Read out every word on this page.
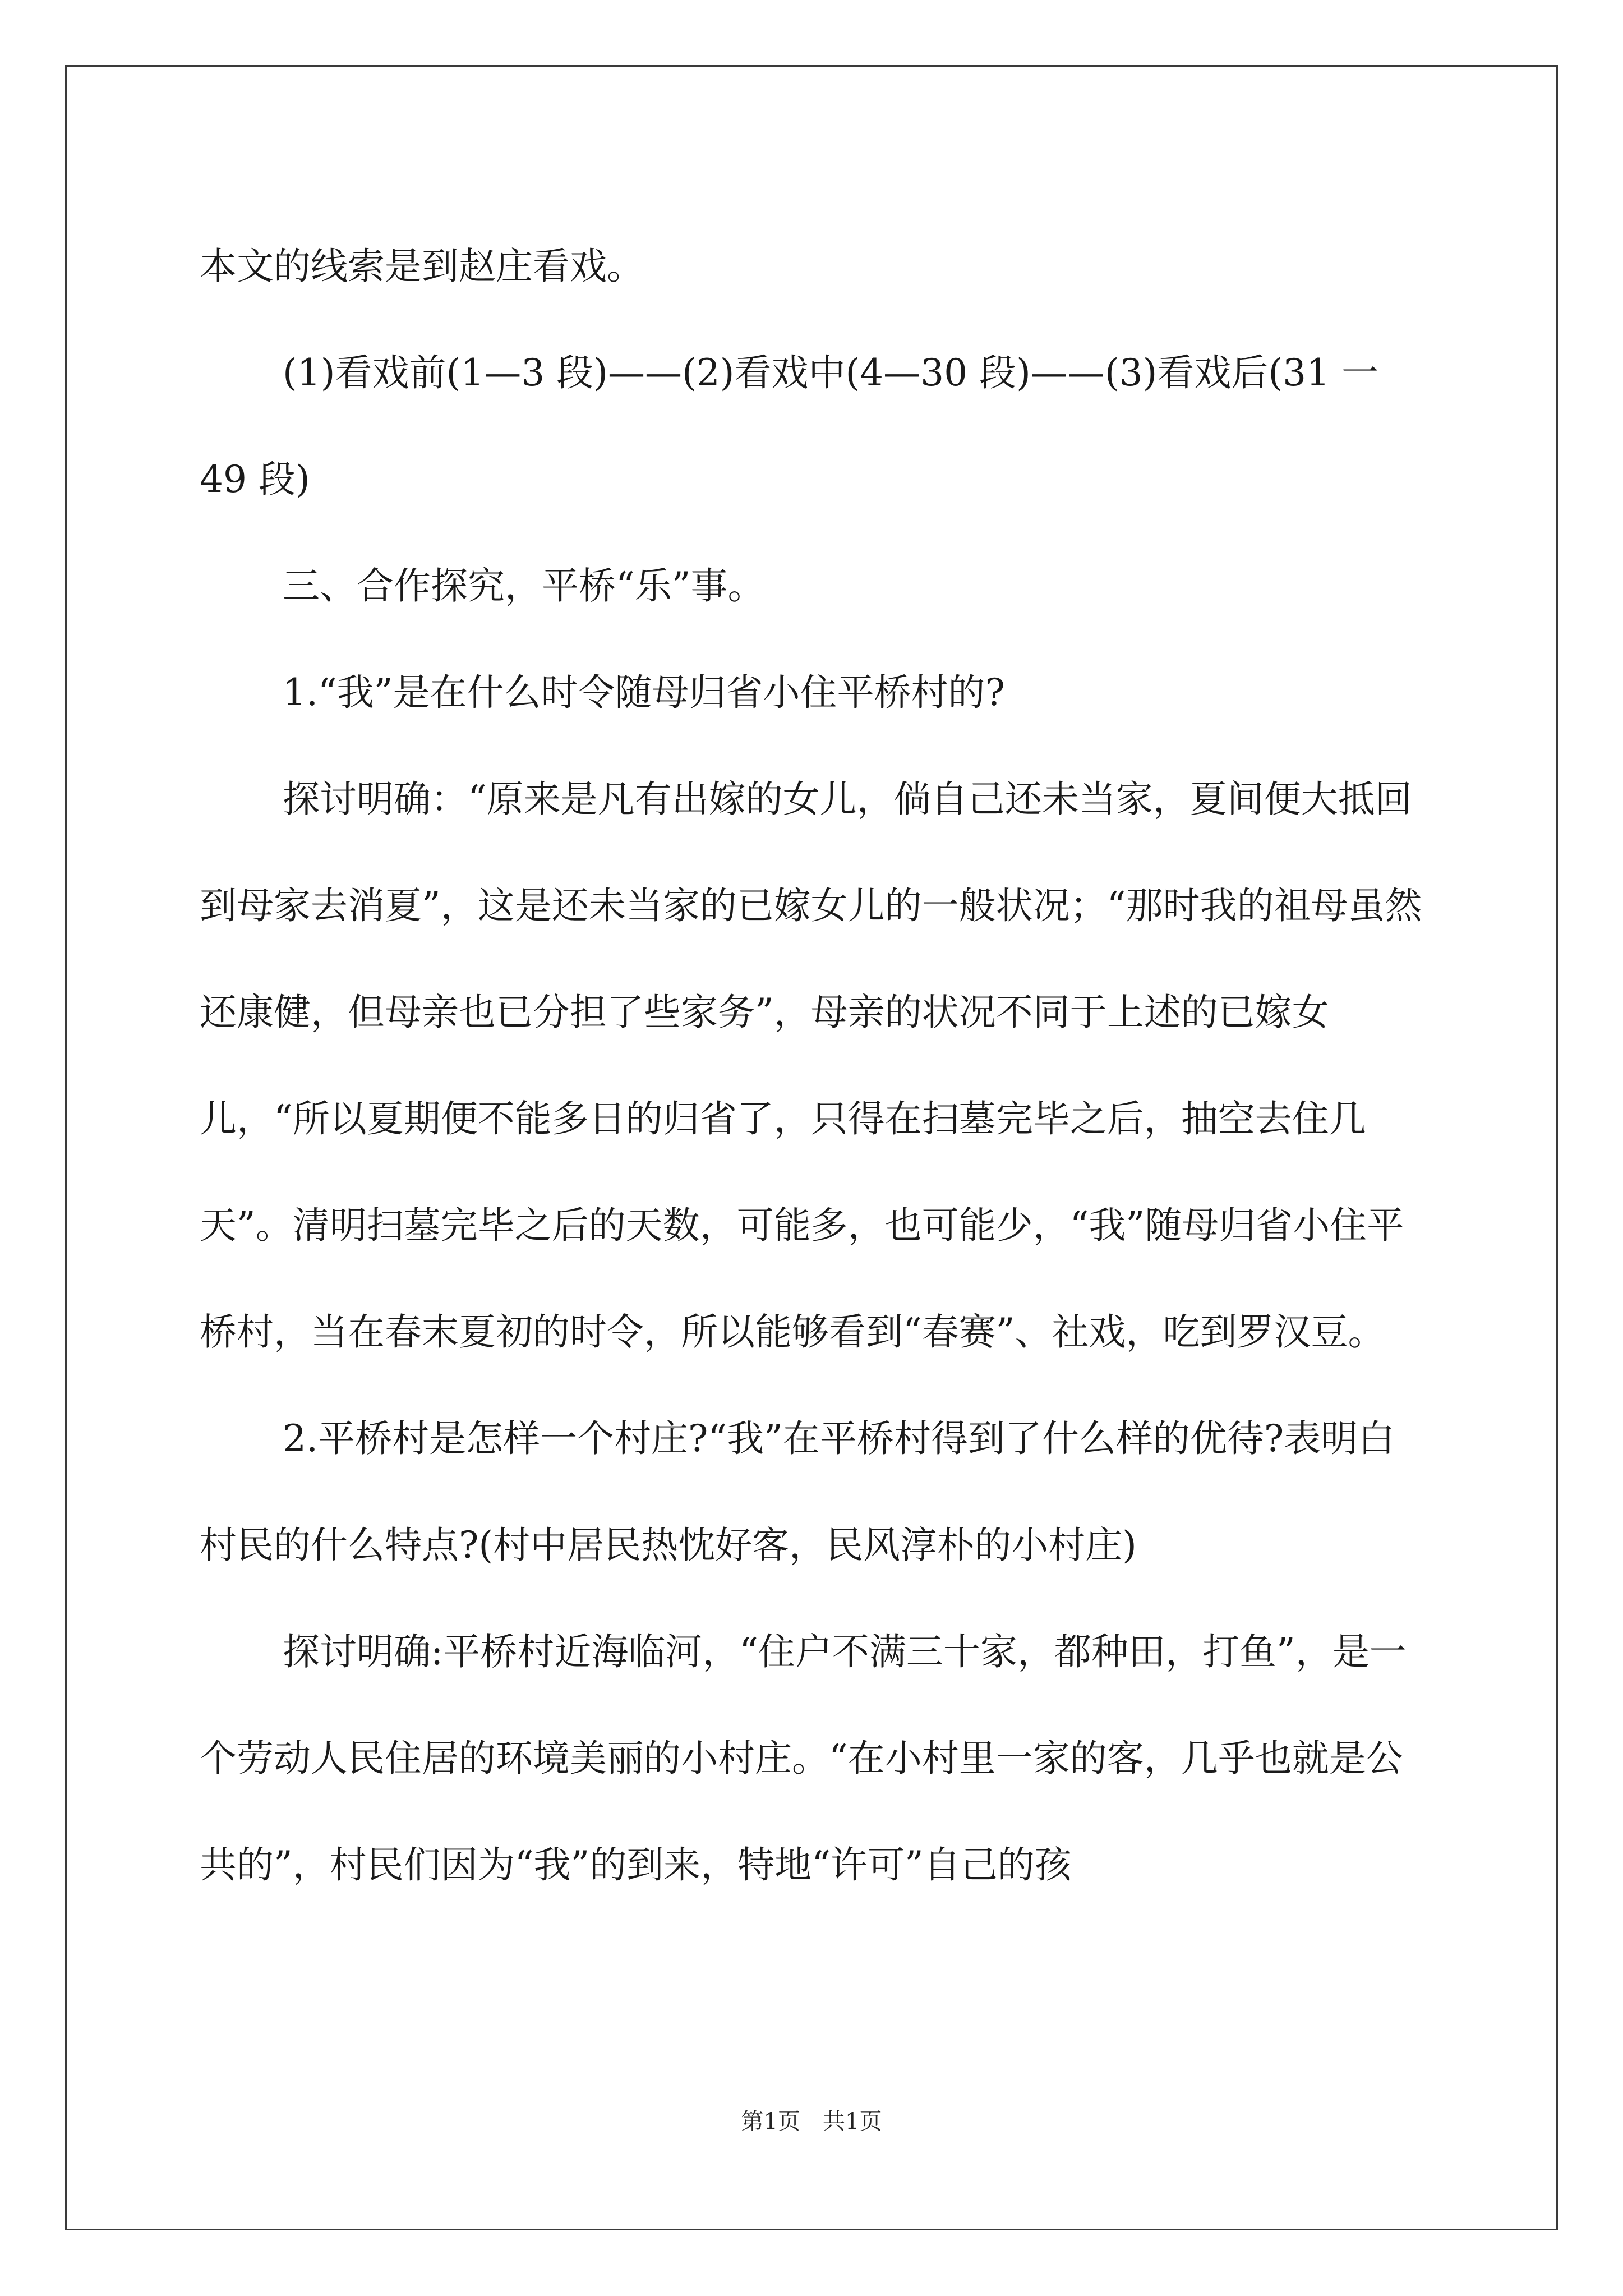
本文的线索是到赵庄看戏。

(1)看戏前(1—3 段)——(2)看戏中(4—30 段)——(3)看戏后(31 一 49 段)

三、合作探究，平桥“乐”事。

1.“我”是在什么时令随母归省小住平桥村的?

探讨明确：“原来是凡有出嫁的女儿，倘自己还未当家，夏间便大抵回到母家去消夏”，这是还未当家的已嫁女儿的一般状况；“那时我的祖母虽然还康健，但母亲也已分担了些家务”，母亲的状况不同于上述的已嫁女儿，“所以夏期便不能多日的归省了，只得在扫墓完毕之后，抽空去住几天”。清明扫墓完毕之后的天数，可能多，也可能少，“我”随母归省小住平桥村，当在春末夏初的时令，所以能够看到“春赛”、社戏，吃到罗汉豆。

2.平桥村是怎样一个村庄?“我”在平桥村得到了什么样的优待?表明白村民的什么特点?(村中居民热忱好客，民风淳朴的小村庄)

探讨明确:平桥村近海临河，“住户不满三十家，都种田，打鱼”，是一个劳动人民住居的环境美丽的小村庄。“在小村里一家的客，几乎也就是公共的”，村民们因为“我”的到来，特地“许可”自己的孩

第1页　共1页
